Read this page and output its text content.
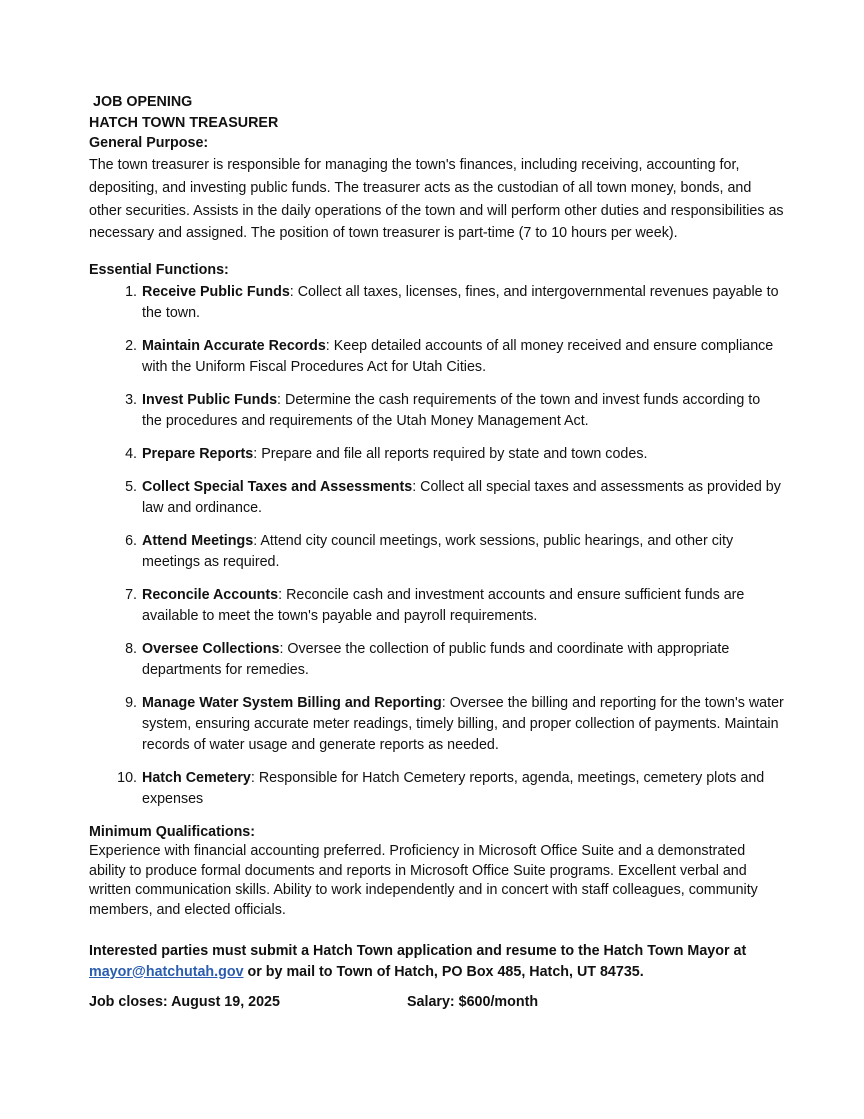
JOB OPENING
HATCH TOWN TREASURER
General Purpose:

The town treasurer is responsible for managing the town's finances, including receiving, accounting for, depositing, and investing public funds. The treasurer acts as the custodian of all town money, bonds, and other securities. Assists in the daily operations of the town and will perform other duties and responsibilities as necessary and assigned. The position of town treasurer is part-time (7 to 10 hours per week).

Essential Functions:
1. Receive Public Funds: Collect all taxes, licenses, fines, and intergovernmental revenues payable to the town.
2. Maintain Accurate Records: Keep detailed accounts of all money received and ensure compliance with the Uniform Fiscal Procedures Act for Utah Cities.
3. Invest Public Funds: Determine the cash requirements of the town and invest funds according to the procedures and requirements of the Utah Money Management Act.
4. Prepare Reports: Prepare and file all reports required by state and town codes.
5. Collect Special Taxes and Assessments: Collect all special taxes and assessments as provided by law and ordinance.
6. Attend Meetings: Attend city council meetings, work sessions, public hearings, and other city meetings as required.
7. Reconcile Accounts: Reconcile cash and investment accounts and ensure sufficient funds are available to meet the town's payable and payroll requirements.
8. Oversee Collections: Oversee the collection of public funds and coordinate with appropriate departments for remedies.
9. Manage Water System Billing and Reporting: Oversee the billing and reporting for the town's water system, ensuring accurate meter readings, timely billing, and proper collection of payments. Maintain records of water usage and generate reports as needed.
10. Hatch Cemetery: Responsible for Hatch Cemetery reports, agenda, meetings, cemetery plots and expenses
Minimum Qualifications:

Experience with financial accounting preferred. Proficiency in Microsoft Office Suite and a demonstrated ability to produce formal documents and reports in Microsoft Office Suite programs. Excellent verbal and written communication skills. Ability to work independently and in concert with staff colleagues, community members, and elected officials.

Interested parties must submit a Hatch Town application and resume to the Hatch Town Mayor at mayor@hatchutah.gov or by mail to Town of Hatch, PO Box 485, Hatch, UT 84735.

Job closes: August 19, 2025	Salary: $600/month
